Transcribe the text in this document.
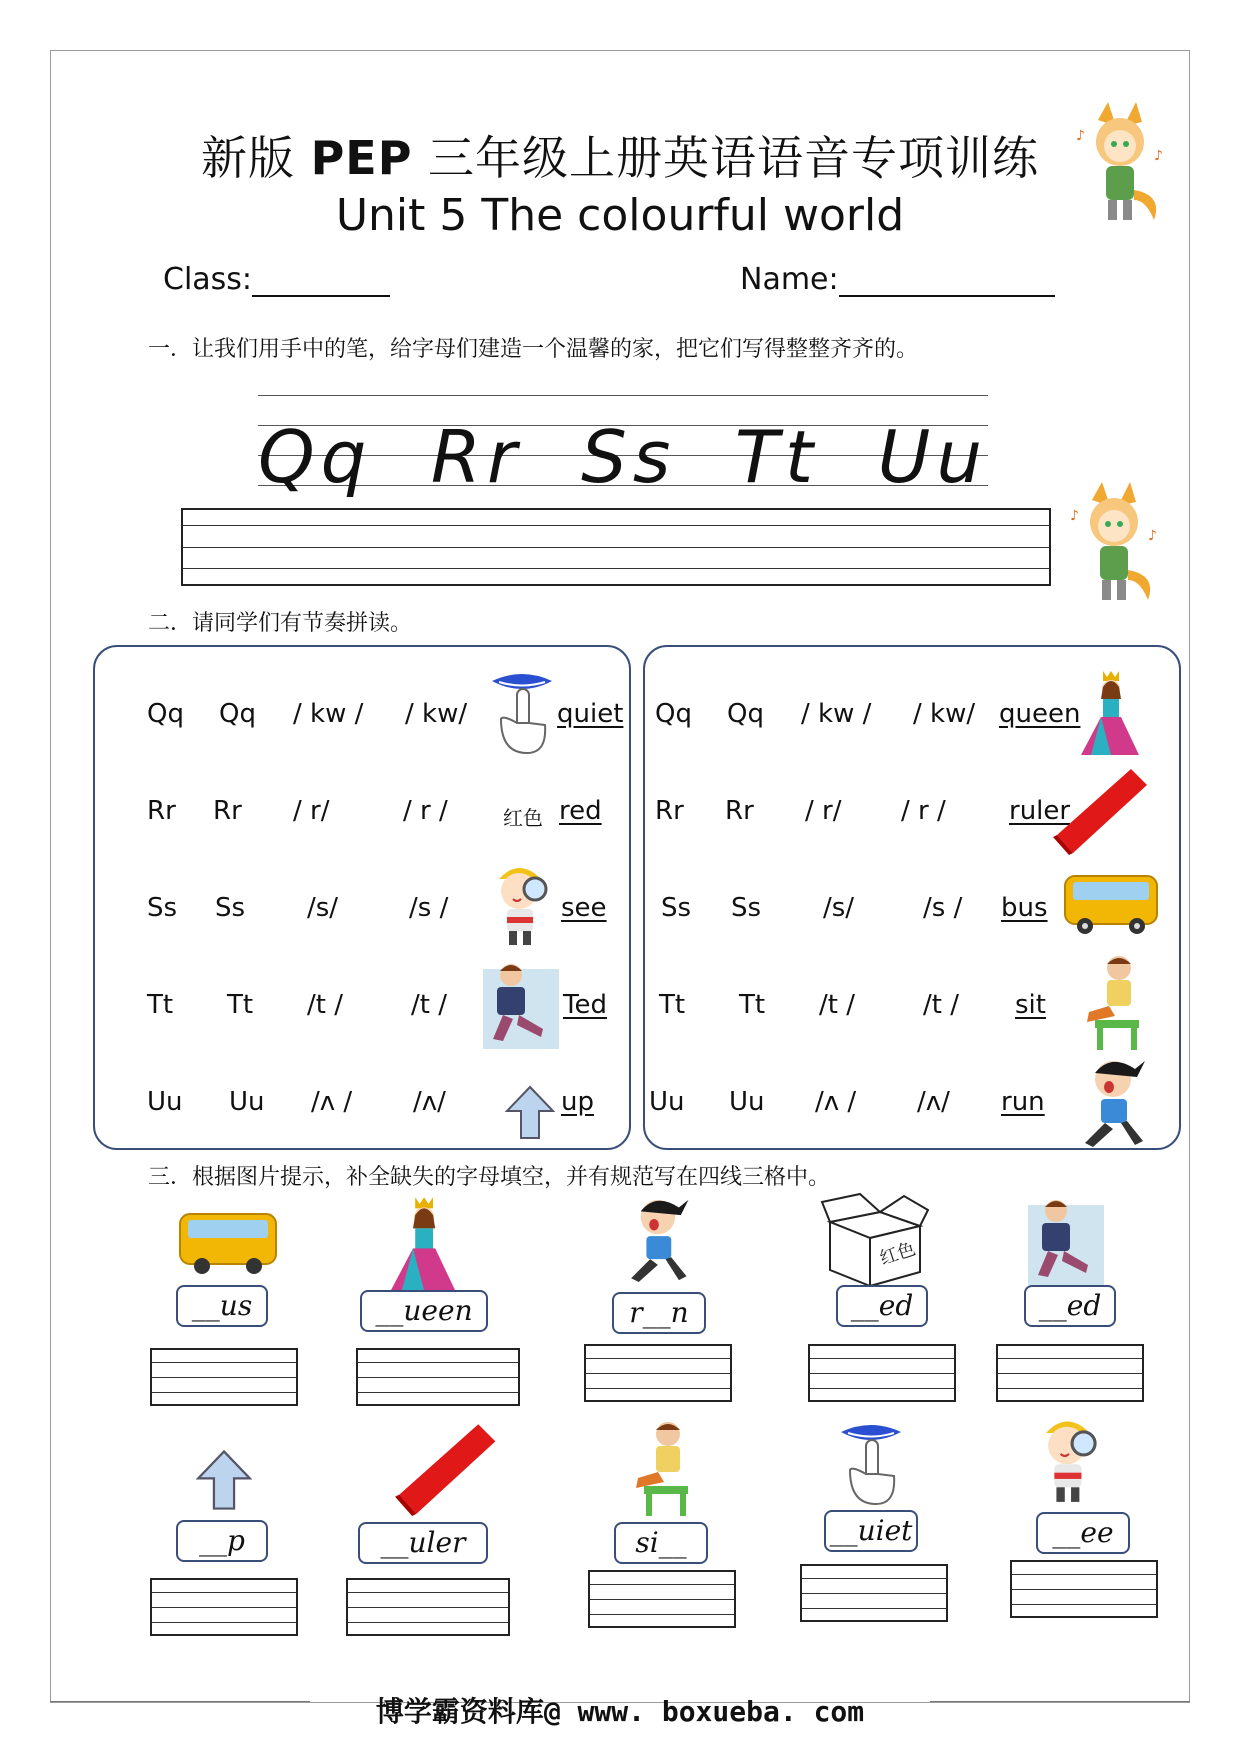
新版 PEP 三年级上册英语语音专项训练
Unit 5 The colourful world
♪
♪
♪
♪
Class:	Name:
一．让我们用手中的笔，给字母们建造一个温馨的家，把它们写得整整齐齐的。
Qq Rr Ss Tt Uu
二．请同学们有节奏拼读。
Qq Qq / kw / / kw/	quiet
Rr Rr / r/	/ r /	红色 red
Ss Ss /s/	/s /	see
Tt Tt /t /	/t /	Ted
Uu Uu /ʌ / /ʌ/	up
Qq Qq / kw / / kw/ queen
Rr Rr / r/ / r / ruler
Ss Ss /s/	/s / bus
Tt Tt /t /	/t / sit
Uu Uu /ʌ / /ʌ/ run
三．根据图片提示，补全缺失的字母填空，并有规范写在四线三格中。
红色
__us	__ueen	r__n	__ed	__ed
__p	__uler	si__	__uiet	__ee
博学霸资料库@ www. boxueba. com
